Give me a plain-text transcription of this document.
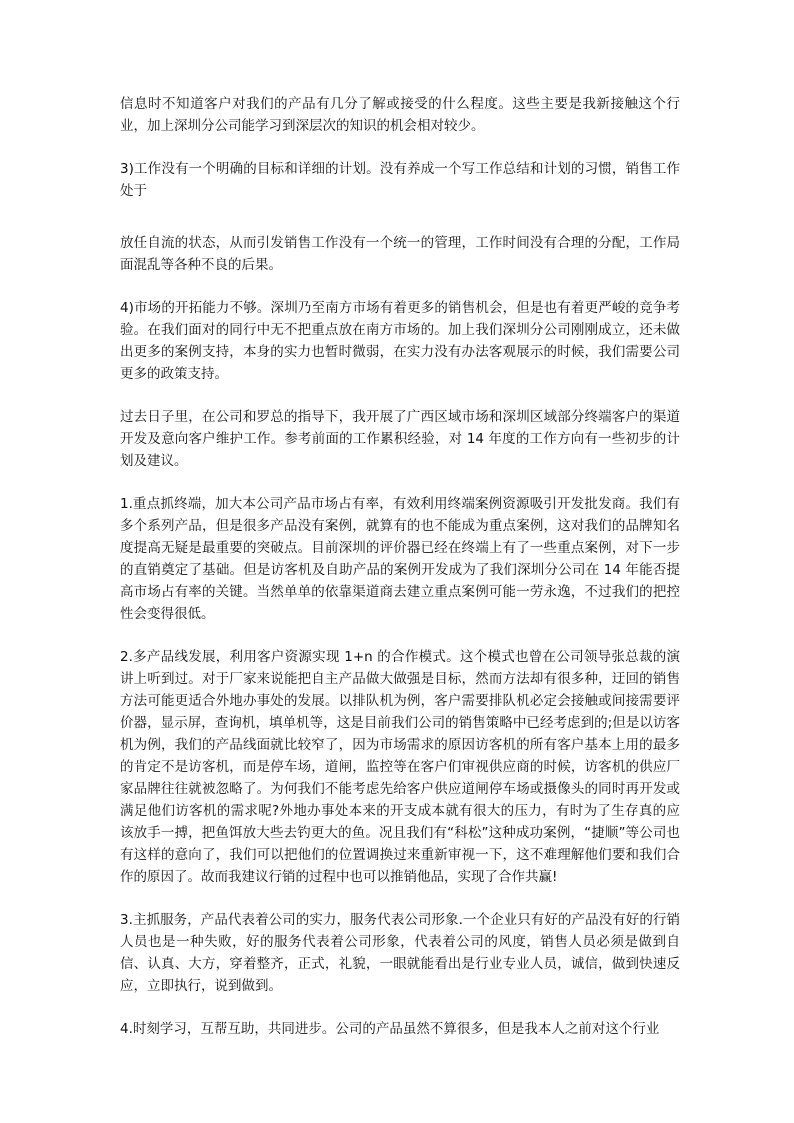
信息时不知道客户对我们的产品有几分了解或接受的什么程度。这些主要是我新接触这个行业，加上深圳分公司能学习到深层次的知识的机会相对较少。

3)工作没有一个明确的目标和详细的计划。没有养成一个写工作总结和计划的习惯，销售工作处于

放任自流的状态，从而引发销售工作没有一个统一的管理，工作时间没有合理的分配，工作局面混乱等各种不良的后果。

4)市场的开拓能力不够。深圳乃至南方市场有着更多的销售机会，但是也有着更严峻的竞争考验。在我们面对的同行中无不把重点放在南方市场的。加上我们深圳分公司刚刚成立，还未做出更多的案例支持，本身的实力也暂时微弱，在实力没有办法客观展示的时候，我们需要公司更多的政策支持。

过去日子里，在公司和罗总的指导下，我开展了广西区域市场和深圳区域部分终端客户的渠道开发及意向客户维护工作。参考前面的工作累积经验，对 14 年度的工作方向有一些初步的计划及建议。

1.重点抓终端，加大本公司产品市场占有率，有效利用终端案例资源吸引开发批发商。我们有多个系列产品，但是很多产品没有案例，就算有的也不能成为重点案例，这对我们的品牌知名度提高无疑是最重要的突破点。目前深圳的评价器已经在终端上有了一些重点案例，对下一步的直销奠定了基础。但是访客机及自助产品的案例开发成为了我们深圳分公司在 14 年能否提高市场占有率的关键。当然单单的依靠渠道商去建立重点案例可能一劳永逸，不过我们的把控性会变得很低。

2.多产品线发展，利用客户资源实现 1+n 的合作模式。这个模式也曾在公司领导张总裁的演讲上听到过。对于厂家来说能把自主产品做大做强是目标，然而方法却有很多种，迂回的销售方法可能更适合外地办事处的发展。以排队机为例，客户需要排队机必定会接触或间接需要评价器，显示屏，查询机，填单机等，这是目前我们公司的销售策略中已经考虑到的;但是以访客机为例，我们的产品线面就比较窄了，因为市场需求的原因访客机的所有客户基本上用的最多的肯定不是访客机，而是停车场，道闸，监控等在客户们审视供应商的时候，访客机的供应厂家品牌往往就被忽略了。为何我们不能考虑先给客户供应道闸停车场或摄像头的同时再开发或满足他们访客机的需求呢?外地办事处本来的开支成本就有很大的压力，有时为了生存真的应该放手一搏，把鱼饵放大些去钓更大的鱼。况且我们有“科松”这种成功案例，“捷顺”等公司也有这样的意向了，我们可以把他们的位置调换过来重新审视一下，这不难理解他们要和我们合作的原因了。故而我建议行销的过程中也可以推销他品，实现了合作共赢!

3.主抓服务，产品代表着公司的实力，服务代表公司形象.一个企业只有好的产品没有好的行销人员也是一种失败，好的服务代表着公司形象，代表着公司的风度，销售人员必须是做到自信、认真、大方，穿着整齐，正式，礼貌，一眼就能看出是行业专业人员，诚信，做到快速反应，立即执行，说到做到。

4.时刻学习，互帮互助，共同进步。公司的产品虽然不算很多，但是我本人之前对这个行业
